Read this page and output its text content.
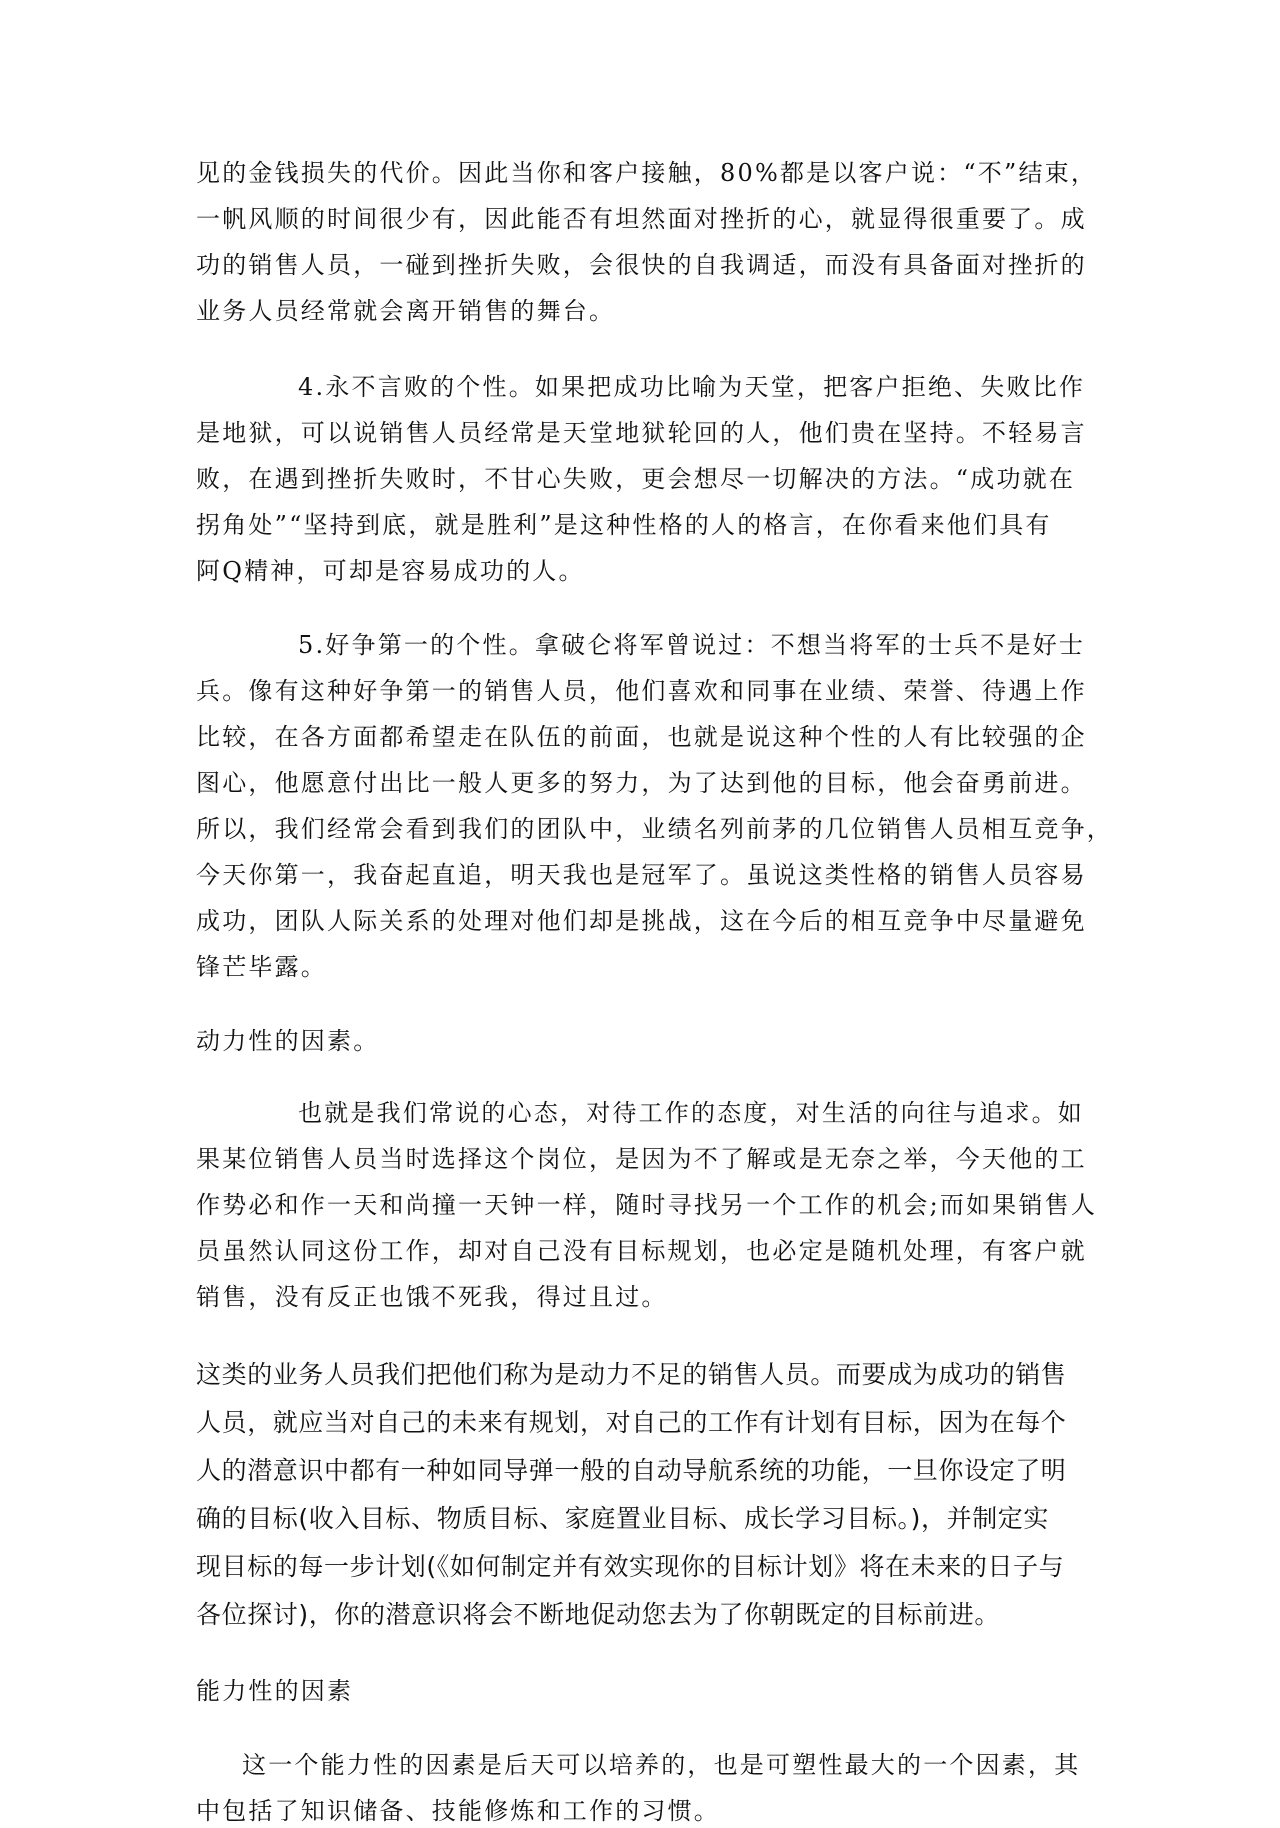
见的金钱损失的代价。因此当你和客户接触，80%都是以客户说：“不”结束，
一帆风顺的时间很少有，因此能否有坦然面对挫折的心，就显得很重要了。成
功的销售人员，一碰到挫折失败，会很快的自我调适，而没有具备面对挫折的
业务人员经常就会离开销售的舞台。
4.永不言败的个性。如果把成功比喻为天堂，把客户拒绝、失败比作
是地狱，可以说销售人员经常是天堂地狱轮回的人，他们贵在坚持。不轻易言
败，在遇到挫折失败时，不甘心失败，更会想尽一切解决的方法。“成功就在
拐角处”“坚持到底，就是胜利”是这种性格的人的格言，在你看来他们具有
阿Q精神，可却是容易成功的人。
5.好争第一的个性。拿破仑将军曾说过：不想当将军的士兵不是好士
兵。像有这种好争第一的销售人员，他们喜欢和同事在业绩、荣誉、待遇上作
比较，在各方面都希望走在队伍的前面，也就是说这种个性的人有比较强的企
图心，他愿意付出比一般人更多的努力，为了达到他的目标，他会奋勇前进。
所以，我们经常会看到我们的团队中，业绩名列前茅的几位销售人员相互竞争，
今天你第一，我奋起直追，明天我也是冠军了。虽说这类性格的销售人员容易
成功，团队人际关系的处理对他们却是挑战，这在今后的相互竞争中尽量避免
锋芒毕露。
动力性的因素。
也就是我们常说的心态，对待工作的态度，对生活的向往与追求。如
果某位销售人员当时选择这个岗位，是因为不了解或是无奈之举，今天他的工
作势必和作一天和尚撞一天钟一样，随时寻找另一个工作的机会;而如果销售人
员虽然认同这份工作，却对自己没有目标规划，也必定是随机处理，有客户就
销售，没有反正也饿不死我，得过且过。
这类的业务人员我们把他们称为是动力不足的销售人员。而要成为成功的销售
人员，就应当对自己的未来有规划，对自己的工作有计划有目标，因为在每个
人的潜意识中都有一种如同导弹一般的自动导航系统的功能，一旦你设定了明
确的目标(收入目标、物质目标、家庭置业目标、成长学习目标。)，并制定实
现目标的每一步计划(《如何制定并有效实现你的目标计划》将在未来的日子与
各位探讨)，你的潜意识将会不断地促动您去为了你朝既定的目标前进。
能力性的因素
这一个能力性的因素是后天可以培养的，也是可塑性最大的一个因素，其
中包括了知识储备、技能修炼和工作的习惯。
